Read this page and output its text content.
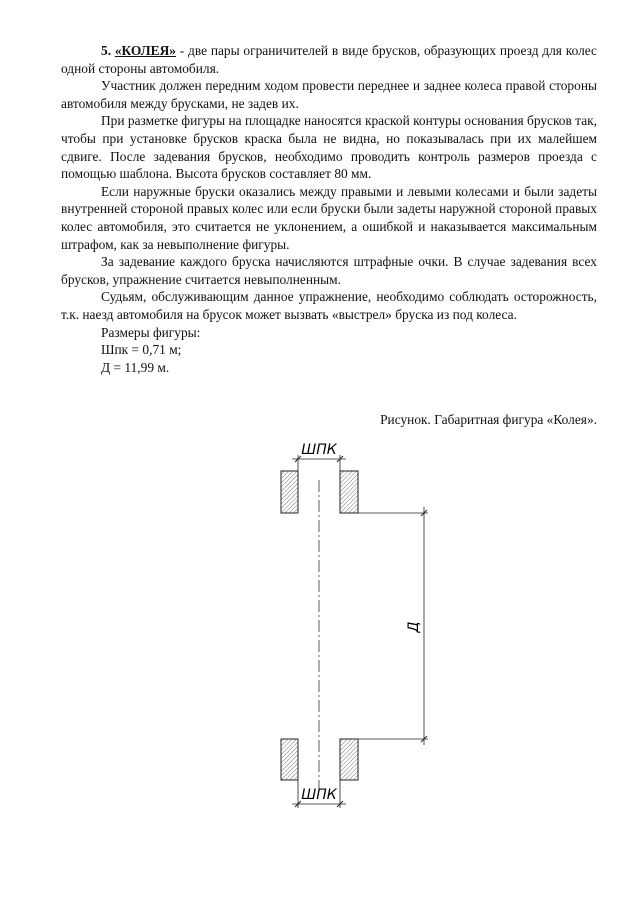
5. «КОЛЕЯ» - две пары ограничителей в виде брусков, образующих проезд для колес одной стороны автомобиля.

Участник должен передним ходом провести переднее и заднее колеса правой стороны автомобиля между брусками, не задев их.

При разметке фигуры на площадке наносятся краской контуры основания брусков так, чтобы при установке брусков краска была не видна, но показывалась при их малейшем сдвиге. После задевания брусков, необходимо проводить контроль размеров проезда с помощью шаблона. Высота брусков составляет 80 мм.

Если наружные бруски оказались между правыми и левыми колесами и были задеты внутренней стороной правых колес или если бруски были задеты наружной стороной правых колес автомобиля, это считается не уклонением, а ошибкой и наказывается максимальным штрафом, как за невыполнение фигуры.

За задевание каждого бруска начисляются штрафные очки. В случае задевания всех брусков, упражнение считается невыполненным.

Судьям, обслуживающим данное упражнение, необходимо соблюдать осторожность, т.к. наезд автомобиля на брусок может вызвать «выстрел» бруска из под колеса.

Размеры фигуры:
Шпк = 0,71 м;
Д = 11,99 м.
Рисунок. Габаритная фигура «Колея».
ШПК
ШПК
Д
